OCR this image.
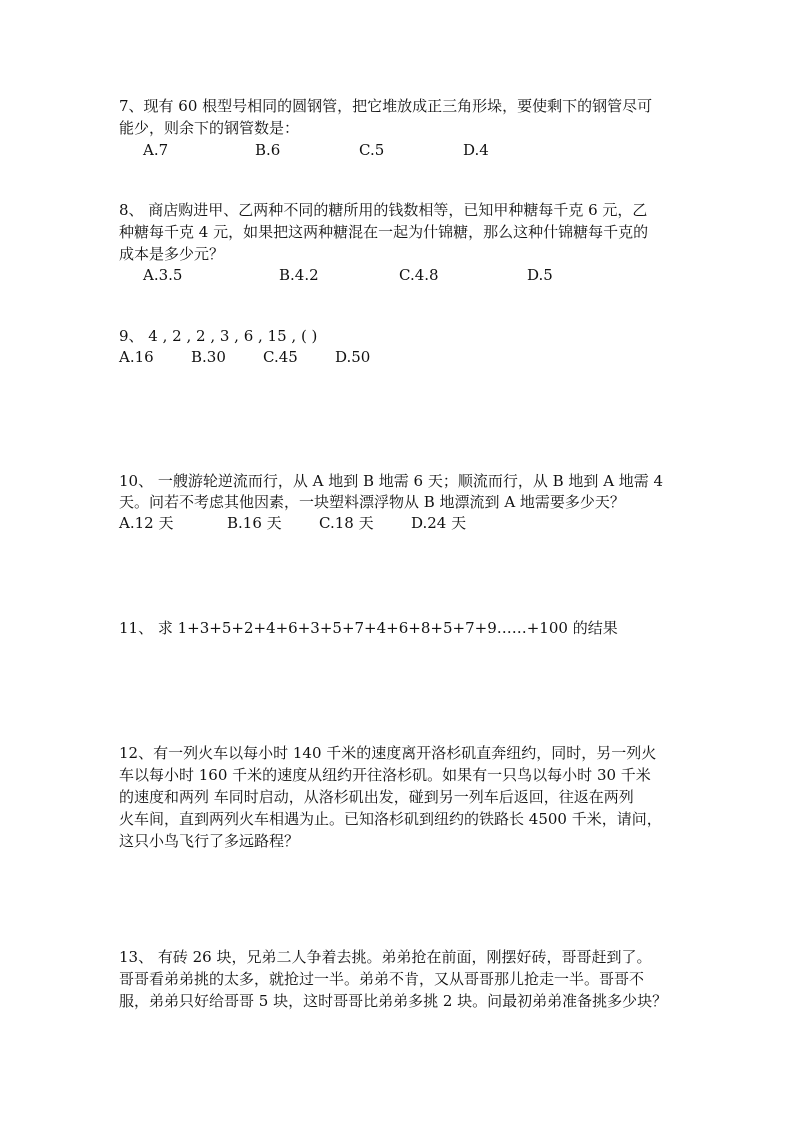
7、现有 60 根型号相同的圆钢管，把它堆放成正三角形垛，要使剩下的钢管尽可
能少，则余下的钢管数是：
A.7	B.6	C.5	D.4
8、 商店购进甲、乙两种不同的糖所用的钱数相等，已知甲种糖每千克 6 元，乙
种糖每千克 4 元，如果把这两种糖混在一起为什锦糖，那么这种什锦糖每千克的
成本是多少元？
A.3.5	B.4.2	C.4.8	D.5
9、 4 , 2 , 2 , 3 , 6 , 15 , ( )
A.16 B.30 C.45 D.50
10、 一艘游轮逆流而行，从 A 地到 B 地需 6 天；顺流而行，从 B 地到 A 地需 4
天。问若不考虑其他因素，一块塑料漂浮物从 B 地漂流到 A 地需要多少天？
A.12 天	B.16 天 C.18 天 D.24 天
11、 求 1+3+5+2+4+6+3+5+7+4+6+8+5+7+9……+100 的结果
12、有一列火车以每小时 140 千米的速度离开洛杉矶直奔纽约，同时，另一列火
车以每小时 160 千米的速度从纽约开往洛杉矶。如果有一只鸟以每小时 30 千米
的速度和两列 车同时启动，从洛杉矶出发，碰到另一列车后返回，往返在两列
火车间，直到两列火车相遇为止。已知洛杉矶到纽约的铁路长 4500 千米，请问，
这只小鸟飞行了多远路程？
13、 有砖 26 块，兄弟二人争着去挑。弟弟抢在前面，刚摆好砖，哥哥赶到了。
哥哥看弟弟挑的太多，就抢过一半。弟弟不肯，又从哥哥那儿抢走一半。哥哥不
服，弟弟只好给哥哥 5 块，这时哥哥比弟弟多挑 2 块。问最初弟弟准备挑多少块？
